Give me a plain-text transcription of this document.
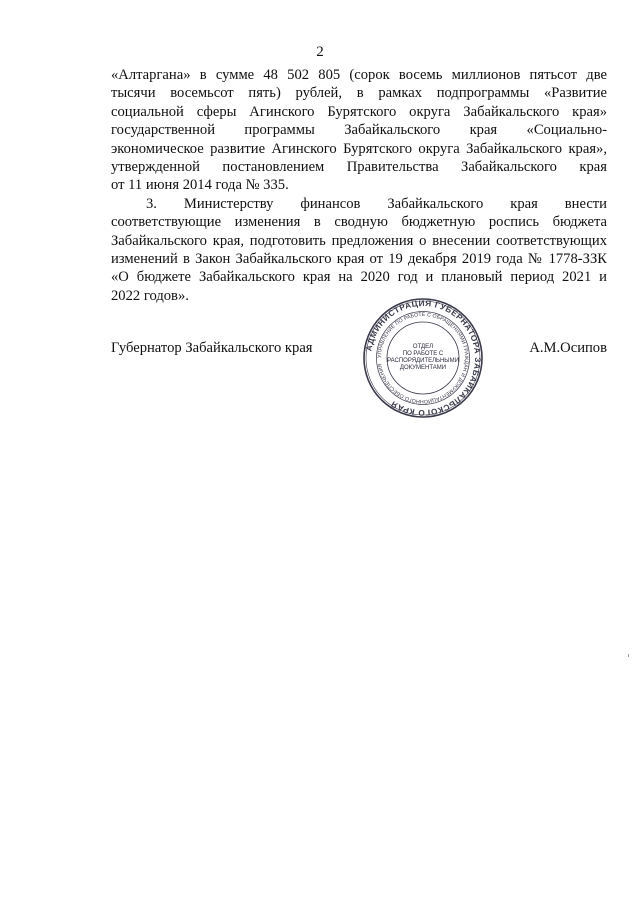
2

«Алтаргана» в сумме 48 502 805 (сорок восемь миллионов пятьсот две
тысячи восемьсот пять) рублей, в рамках подпрограммы «Развитие
социальной сферы Агинского Бурятского округа Забайкальского края»
государственной программы Забайкальского края «Социально-
экономическое развитие Агинского Бурятского округа Забайкальского края»,
утвержденной постановлением Правительства Забайкальского края
от 11 июня 2014 года № 335.

3. Министерству финансов Забайкальского края внести
соответствующие изменения в сводную бюджетную роспись бюджета
Забайкальского края, подготовить предложения о внесении соответствующих
изменений в Закон Забайкальского края от 19 декабря 2019 года № 1778-ЗЗК
«О бюджете Забайкальского края на 2020 год и плановый период 2021 и
2022 годов».

Губернатор Забайкальского края	А.М.Осипов
АДМИНИСТРАЦИЯ ГУБЕРНАТОРА ЗАБАЙКАЛЬСКОГО КРАЯ
УПРАВЛЕНИЕ ПО РАБОТЕ С ОБРАЩЕНИЯМИ ГРАЖДАН И ДОКУМЕНТАЦИОННОГО ОБЕСПЕЧЕНИЯ
ОТДЕЛ
ПО РАБОТЕ С
РАСПОРЯДИТЕЛЬНЫМИ
ДОКУМЕНТАМИ
